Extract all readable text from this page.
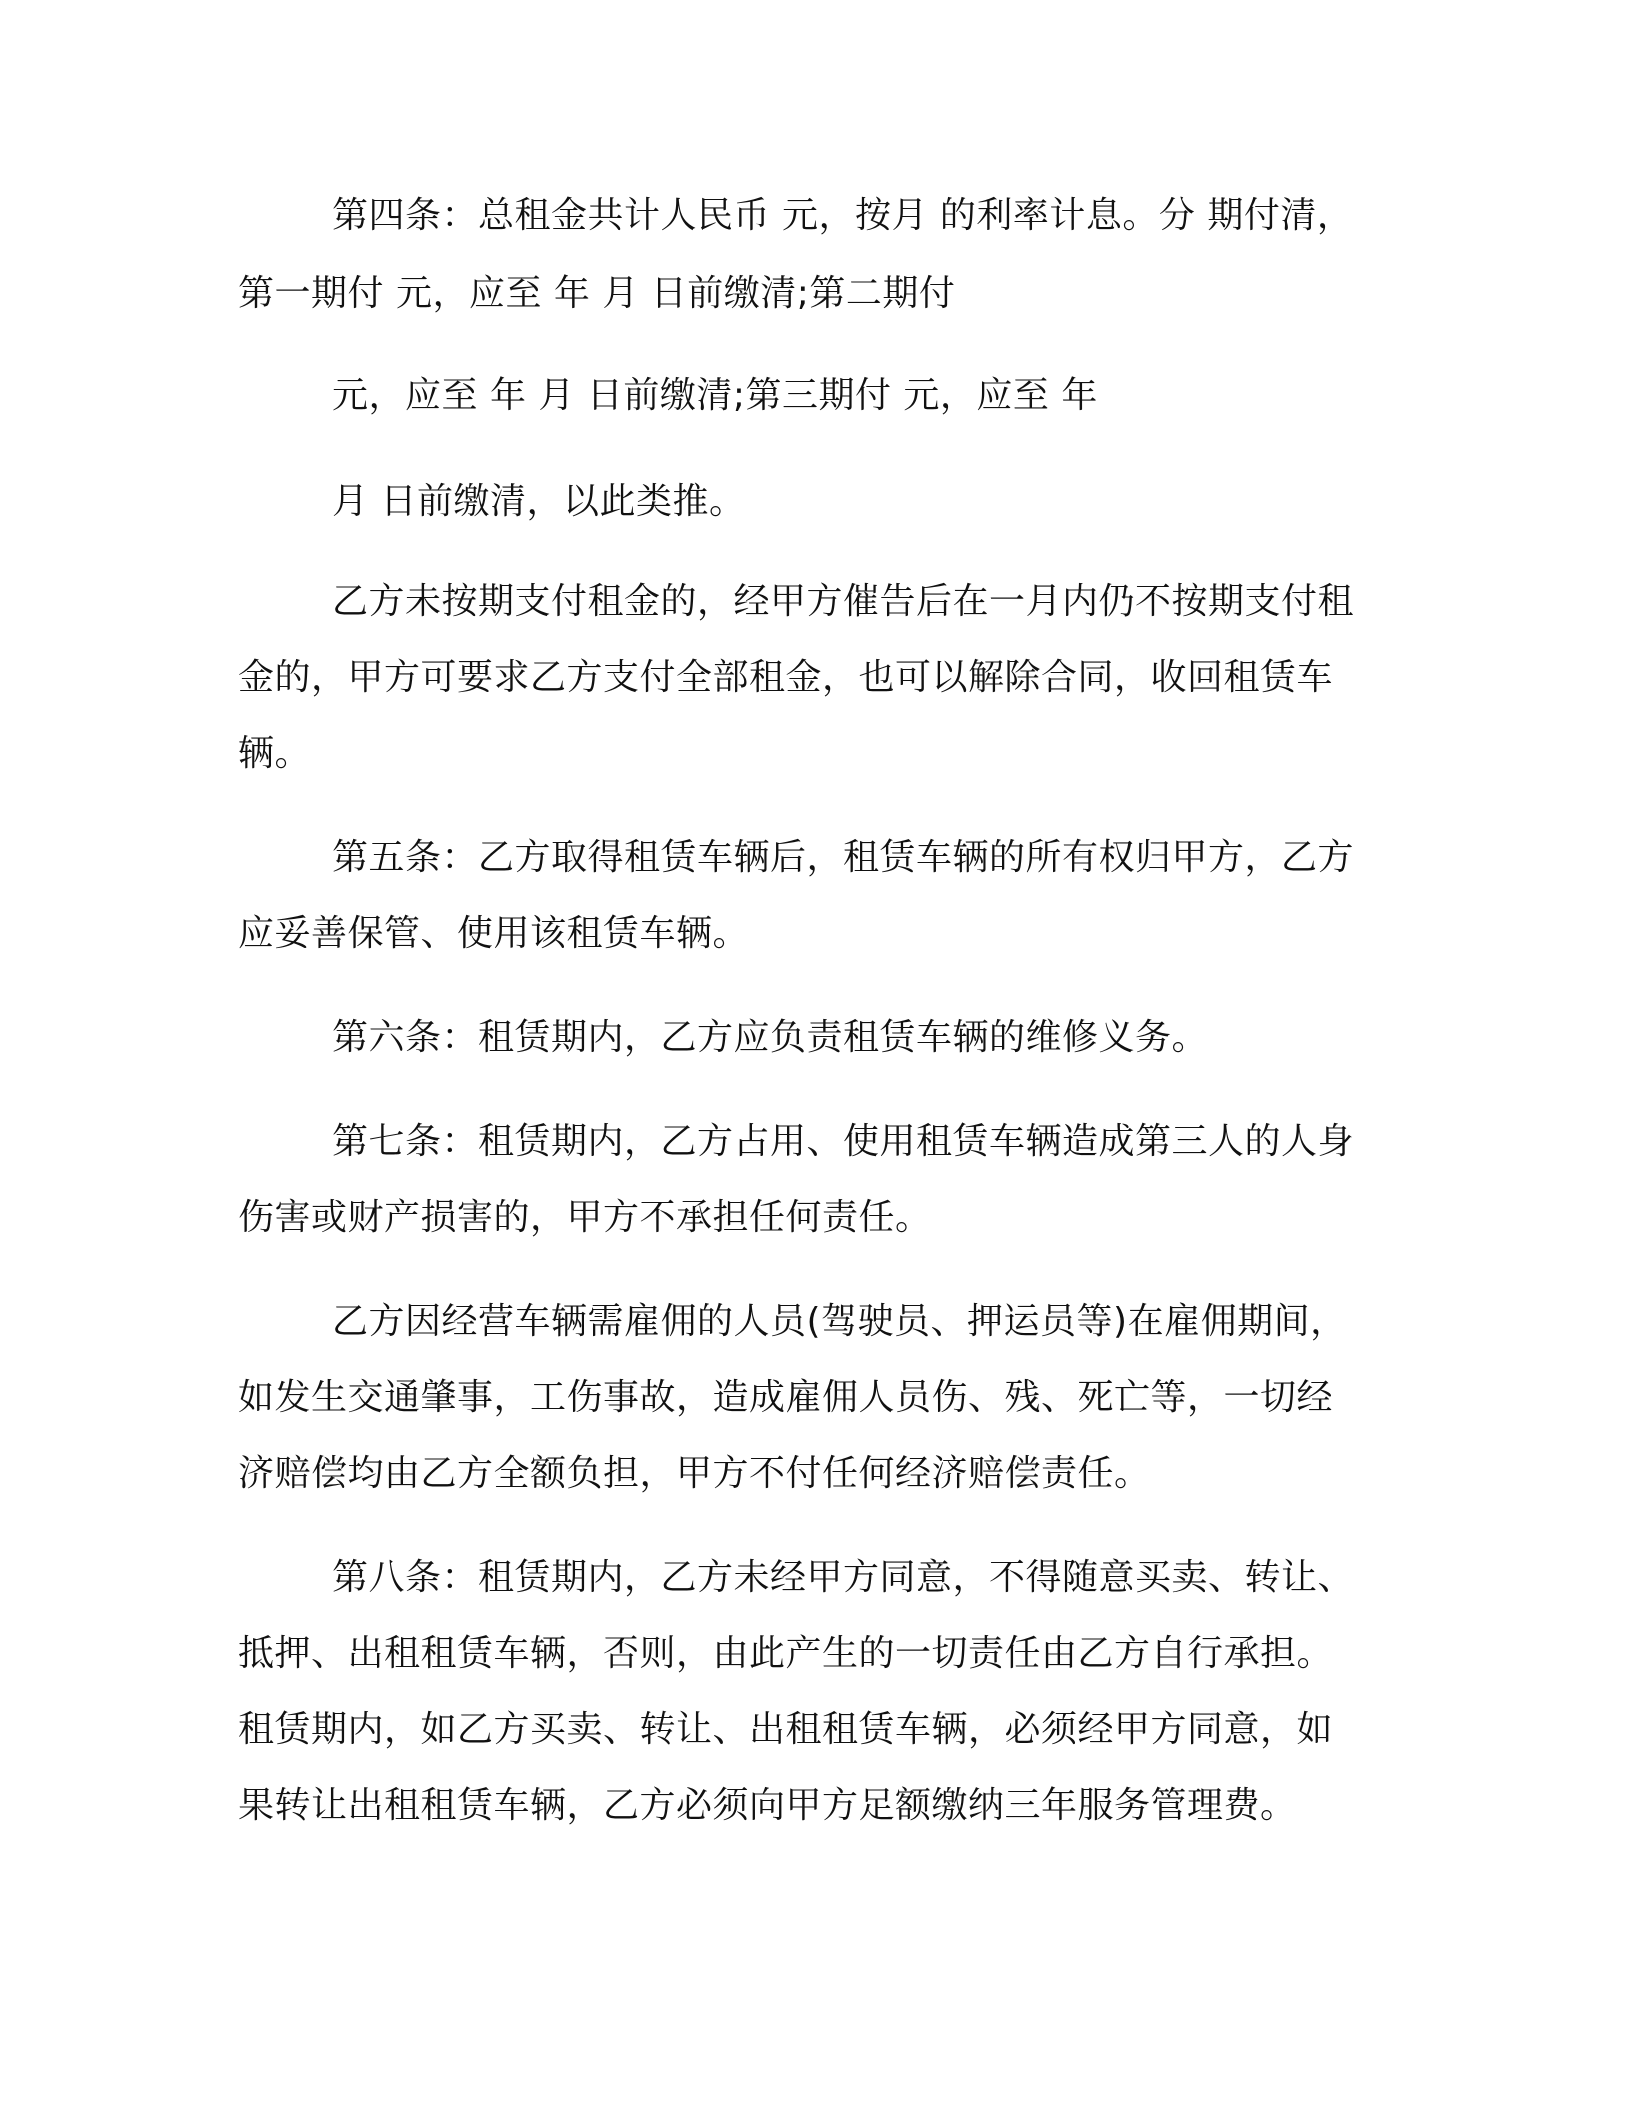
第四条：总租金共计人民币 元，按月 的利率计息。分 期付清，

第一期付 元，应至 年 月 日前缴清;第二期付

元，应至 年 月 日前缴清;第三期付 元，应至 年

月 日前缴清，以此类推。

乙方未按期支付租金的，经甲方催告后在一月内仍不按期支付租

金的，甲方可要求乙方支付全部租金，也可以解除合同，收回租赁车

辆。

第五条：乙方取得租赁车辆后，租赁车辆的所有权归甲方，乙方

应妥善保管、使用该租赁车辆。

第六条：租赁期内，乙方应负责租赁车辆的维修义务。

第七条：租赁期内，乙方占用、使用租赁车辆造成第三人的人身

伤害或财产损害的，甲方不承担任何责任。

乙方因经营车辆需雇佣的人员(驾驶员、押运员等)在雇佣期间，

如发生交通肇事，工伤事故，造成雇佣人员伤、残、死亡等，一切经

济赔偿均由乙方全额负担，甲方不付任何经济赔偿责任。

第八条：租赁期内，乙方未经甲方同意，不得随意买卖、转让、

抵押、出租租赁车辆，否则，由此产生的一切责任由乙方自行承担。

租赁期内，如乙方买卖、转让、出租租赁车辆，必须经甲方同意，如

果转让出租租赁车辆，乙方必须向甲方足额缴纳三年服务管理费。
